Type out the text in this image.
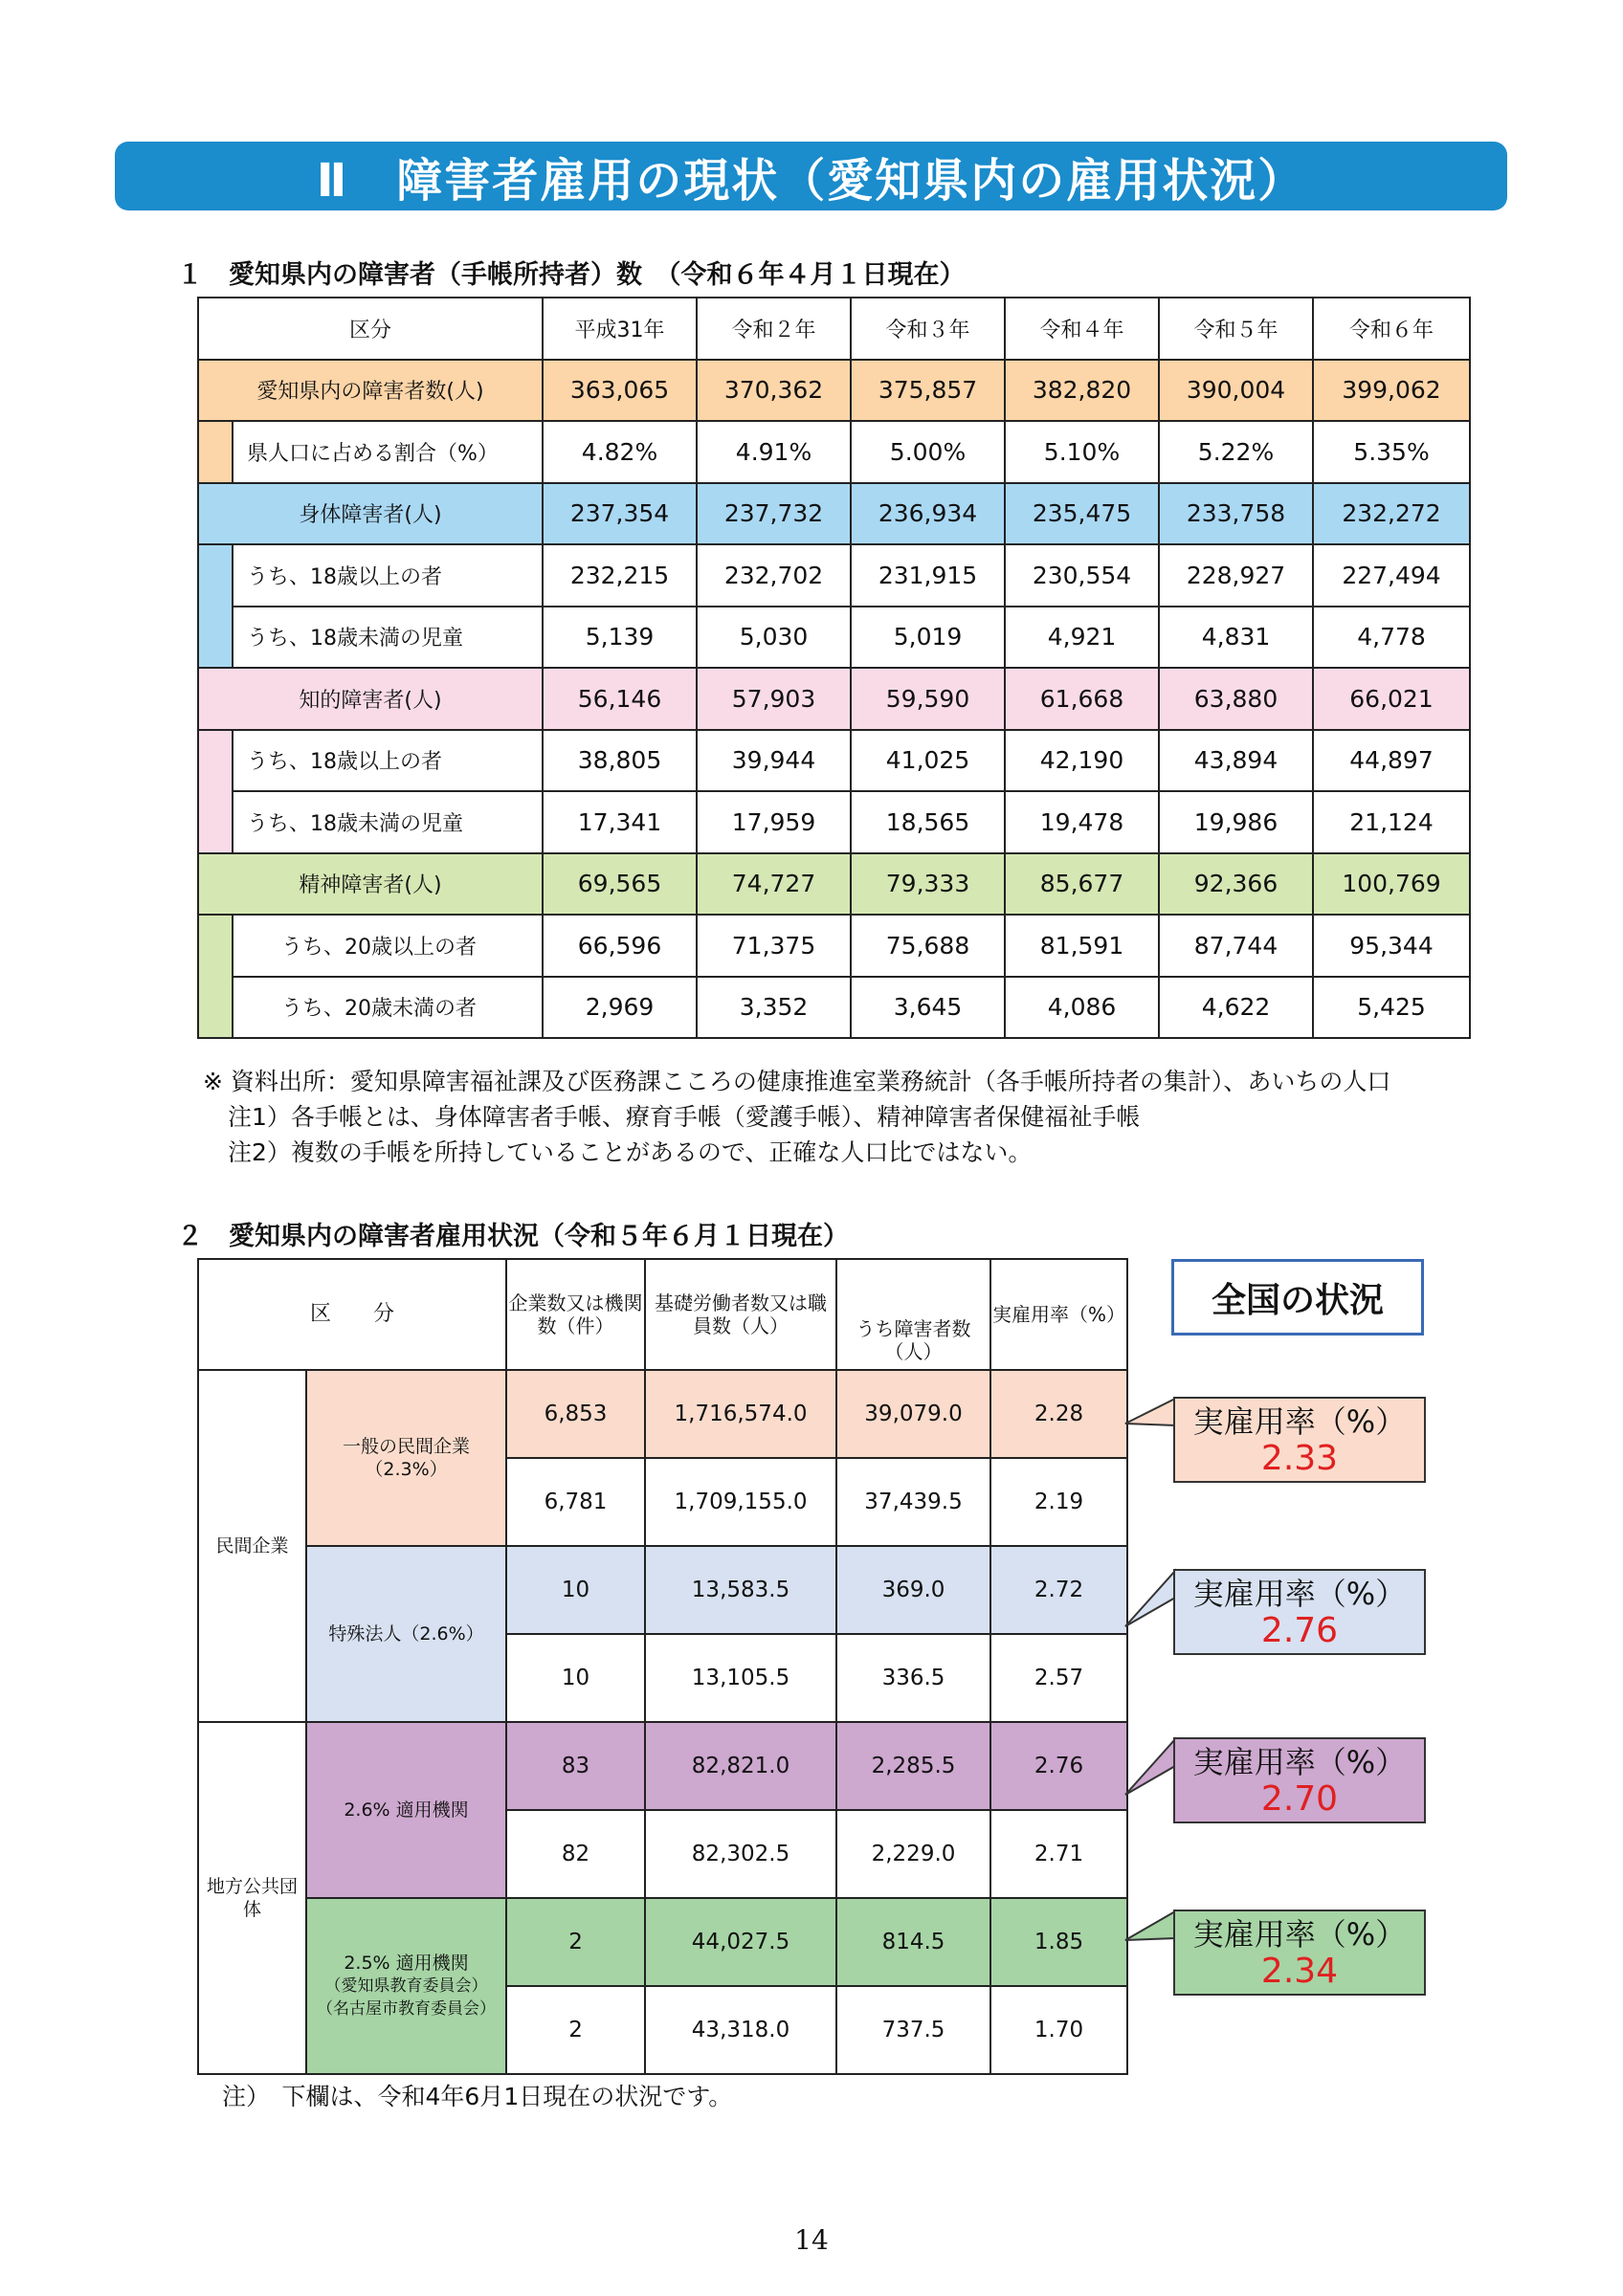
Ⅱ　障害者雇用の現状（愛知県内の雇用状況）
１　愛知県内の障害者（手帳所持者）数　（令和６年４月１日現在）
区分		平成31年	令和２年	令和３年	令和４年	令和５年	令和６年
愛知県内の障害者数(人)		363,065	370,362	375,857	382,820	390,004	399,062
	県人口に占める割合（%）	4.82%	4.91%	5.00%	5.10%	5.22%	5.35%
身体障害者(人)		237,354	237,732	236,934	235,475	233,758	232,272
	うち、18歳以上の者	232,215	232,702	231,915	230,554	228,927	227,494
	うち、18歳未満の児童	5,139	5,030	5,019	4,921	4,831	4,778
知的障害者(人)		56,146	57,903	59,590	61,668	63,880	66,021
	うち、18歳以上の者	38,805	39,944	41,025	42,190	43,894	44,897
	うち、18歳未満の児童	17,341	17,959	18,565	19,478	19,986	21,124
精神障害者(人)		69,565	74,727	79,333	85,677	92,366	100,769
	うち、20歳以上の者	66,596	71,375	75,688	81,591	87,744	95,344
	うち、20歳未満の者	2,969	3,352	3,645	4,086	4,622	5,425
※ 資料出所：愛知県障害福祉課及び医務課こころの健康推進室業務統計（各手帳所持者の集計）、あいちの人口
注1）各手帳とは、身体障害者手帳、療育手帳（愛護手帳）、精神障害者保健福祉手帳
注2）複数の手帳を所持していることがあるので、正確な人口比ではない。
２　愛知県内の障害者雇用状況（令和５年６月１日現在）
区　　分		企業数又は機関数（件）	基礎労働者数又は職員数（人）	うち障害者数（人）	実雇用率（%）
民間企業	一般の民間企業（2.3%）	6,853	1,716,574.0	39,079.0	2.28
		6,781	1,709,155.0	37,439.5	2.19
	特殊法人（2.6%）	10	13,583.5	369.0	2.72
		10	13,105.5	336.5	2.57
地方公共団体	2.6% 適用機関	83	82,821.0	2,285.5	2.76
		82	82,302.5	2,229.0	2.71

	2.5% 適用機関
（愛知県教育委員会）
（名古屋市教育委員会）	2	44,027.5	814.5	1.85
		2	43,318.0	737.5	1.70
全国の状況
実雇用率（%）
2.33
実雇用率（%）
2.76
実雇用率（%）
2.70
実雇用率（%）
2.34
注）　下欄は、令和4年6月1日現在の状況です。
14
